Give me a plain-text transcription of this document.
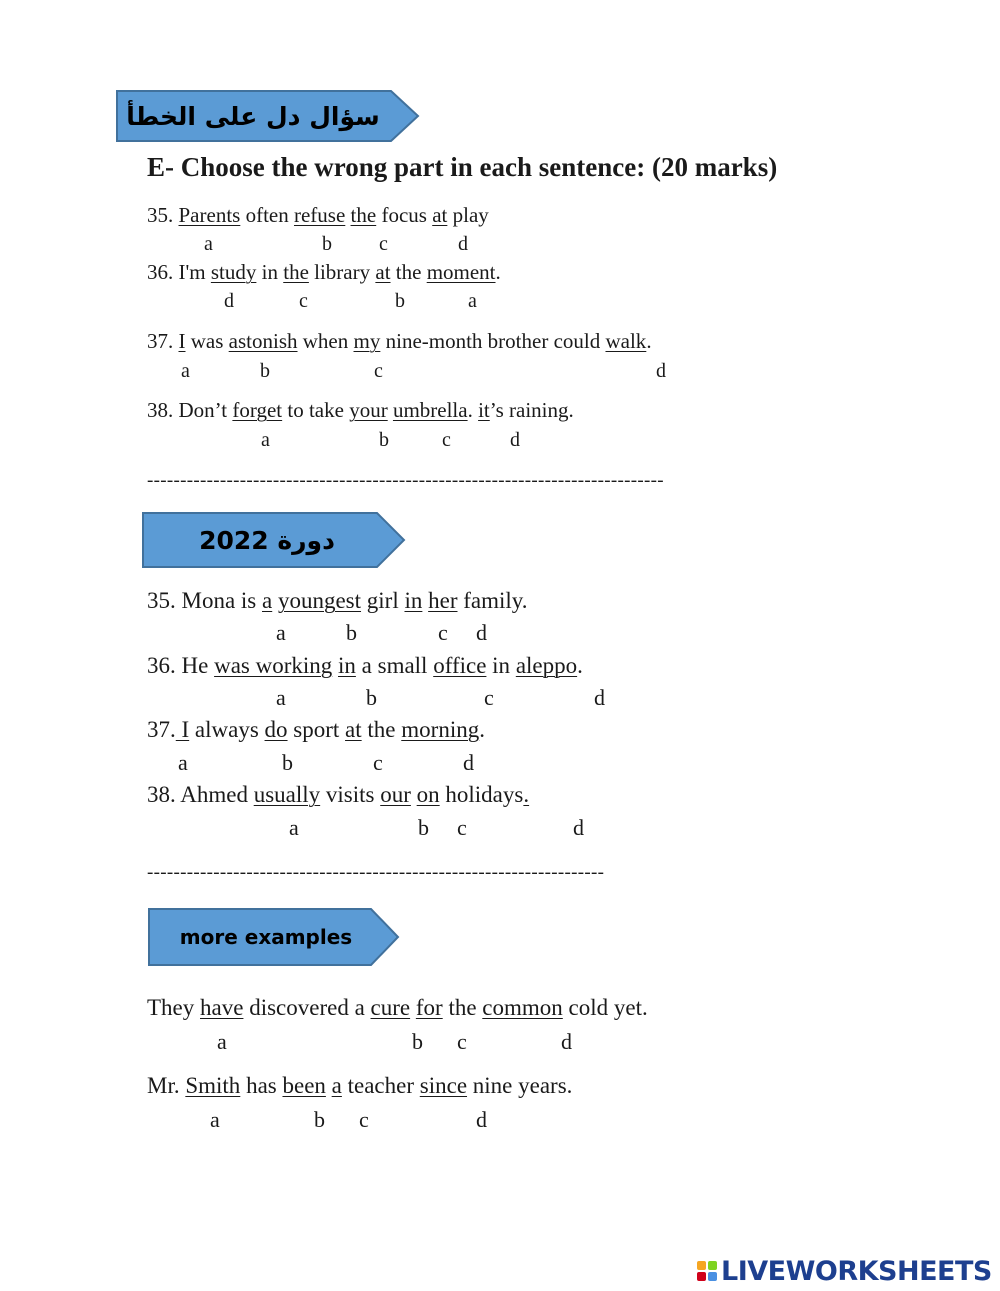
سؤال دل على الخطأ
E- Choose the wrong part in each sentence: (20 marks)
35. Parents often refuse the focus at play
a	b c	d
36. I'm study in the library at the moment.
d	c	b	a
37. I was astonish when my nine-month brother could walk.
a	b	c	d
38. Don’t forget to take your umbrella. it’s raining.
a	b	c	d
------------------------------------------------------------------------------
دورة 2022
35. Mona is a youngest girl in her family.
a	b	c d
36. He was working in a small office in aleppo.
a	b	c	d
37. I always do sport at the morning.
a	b	c	d
38. Ahmed usually visits our on holidays.
a	b c	d
---------------------------------------------------------------------
more examples
They have discovered a cure for the common cold yet.
a	b c	d
Mr. Smith has been a teacher since nine years.
a	b c	d
LIVEWORKSHEETS
